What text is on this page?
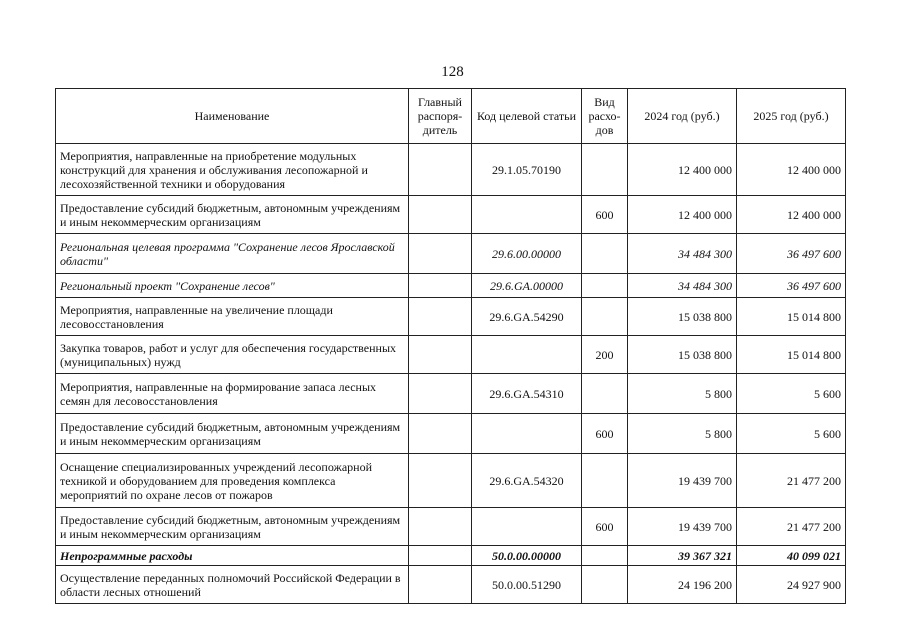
128
Наименование	Главный распоря-дитель	Код целевой статьи	Вид расхо-дов	2024 год (руб.)	2025 год (руб.)
Мероприятия, направленные на приобретение модульных конструкций для хранения и обслуживания лесопожарной и лесохозяйственной техники и оборудования		29.1.05.70190		12 400 000	12 400 000
Предоставление субсидий бюджетным, автономным учреждениям и иным некоммерческим организациям			600	12 400 000	12 400 000
Региональная целевая программа "Сохранение лесов Ярославской области"		29.6.00.00000		34 484 300	36 497 600
Региональный проект "Сохранение лесов"		29.6.GA.00000		34 484 300	36 497 600
Мероприятия, направленные на увеличение площади лесовосстановления		29.6.GA.54290		15 038 800	15 014 800
Закупка товаров, работ и услуг для обеспечения государственных (муниципальных) нужд			200	15 038 800	15 014 800
Мероприятия, направленные на формирование запаса лесных семян для лесовосстановления		29.6.GA.54310		5 800	5 600
Предоставление субсидий бюджетным, автономным учреждениям и иным некоммерческим организациям			600	5 800	5 600
Оснащение специализированных учреждений лесопожарной техникой и оборудованием для проведения комплекса мероприятий по охране лесов от пожаров		29.6.GA.54320		19 439 700	21 477 200
Предоставление субсидий бюджетным, автономным учреждениям и иным некоммерческим организациям			600	19 439 700	21 477 200
Непрограммные расходы		50.0.00.00000		39 367 321	40 099 021
Осуществление переданных полномочий Российской Федерации в области лесных отношений		50.0.00.51290		24 196 200	24 927 900
